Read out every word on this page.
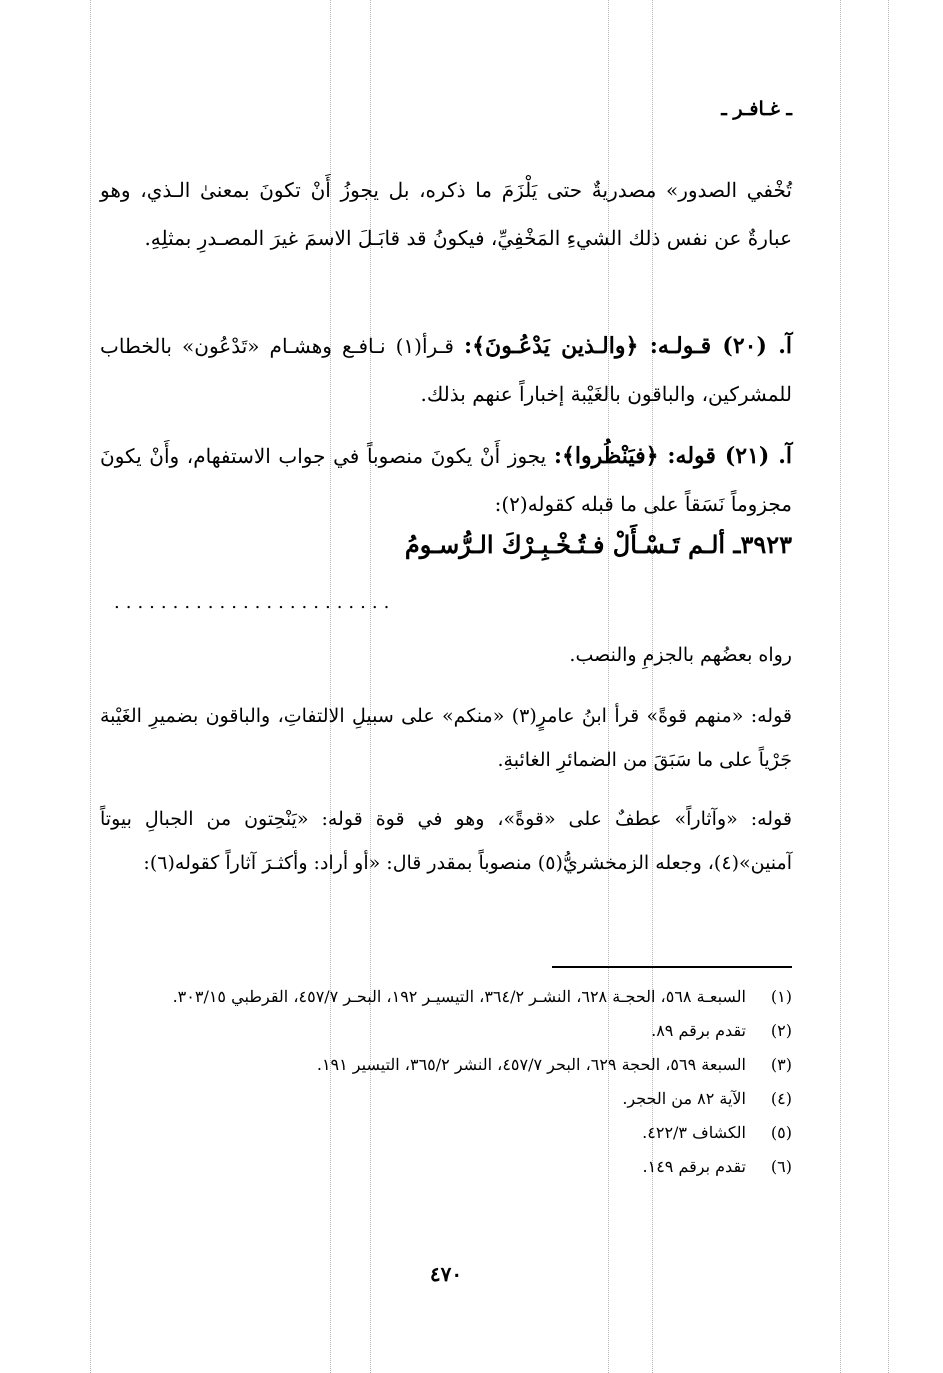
ـ غـافـر ـ
تُخْفي الصدور» مصدريةٌ حتى يَلْزَمَ ما ذكره، بل يجوزُ أَنْ تكونَ بمعنىٰ الـذي، وهو عبارةٌ عن نفس ذلك الشيءِ المَخْفِيِّ، فيكونُ قد قابَـلَ الاسمَ غيرَ المصـدرِ بمثلِهِ.
آ. (٢٠) قـولـه: ﴿والـذين يَدْعُـونَ﴾: قـرأ(١) نـافـع وهشـام «تَدْعُون» بالخطاب للمشركين، والباقون بالغَيْبة إخباراً عنهم بذلك.
آ. (٢١) قوله: ﴿فيَنْظُروا﴾: يجوز أَنْ يكونَ منصوباً في جواب الاستفهام، وأَنْ يكونَ مجزوماً نَسَقاً على ما قبله كقوله(٢):
٣٩٢٣ـ ألـم تَـسْـأَلْ فـتُـخْـبِـرْكَ الـرُّسـومُ
........................
رواه بعضُهم بالجزمِ والنصب.
قوله: «منهم قوةً» قرأ ابنُ عامرٍ(٣) «منكم» على سبيلِ الالتفاتِ، والباقون بضميرِ الغَيْبة جَرْياً على ما سَبَقَ من الضمائرِ الغائبةِ.
قوله: «وآثاراً» عطفٌ على «قوةً»، وهو في قوة قوله: «يَنْحِتون من الجبالِ بيوتاً آمنين»(٤)، وجعله الزمخشريُّ(٥) منصوباً بمقدر قال: «أو أراد: وأكثـرَ آثاراً كقوله(٦):
(١)
السبعـة ٥٦٨، الحجـة ٦٢٨، النشـر ٣٦٤/٢، التيسيـر ١٩٢، البحـر ٤٥٧/٧، القرطبي ٣٠٣/١٥.
(٢)
تقدم برقم ٨٩.
(٣)
السبعة ٥٦٩، الحجة ٦٢٩، البحر ٤٥٧/٧، النشر ٣٦٥/٢، التيسير ١٩١.
(٤)
الآية ٨٢ من الحجر.
(٥)
الكشاف ٤٢٢/٣.
(٦)
تقدم برقم ١٤٩.
٤٧٠
